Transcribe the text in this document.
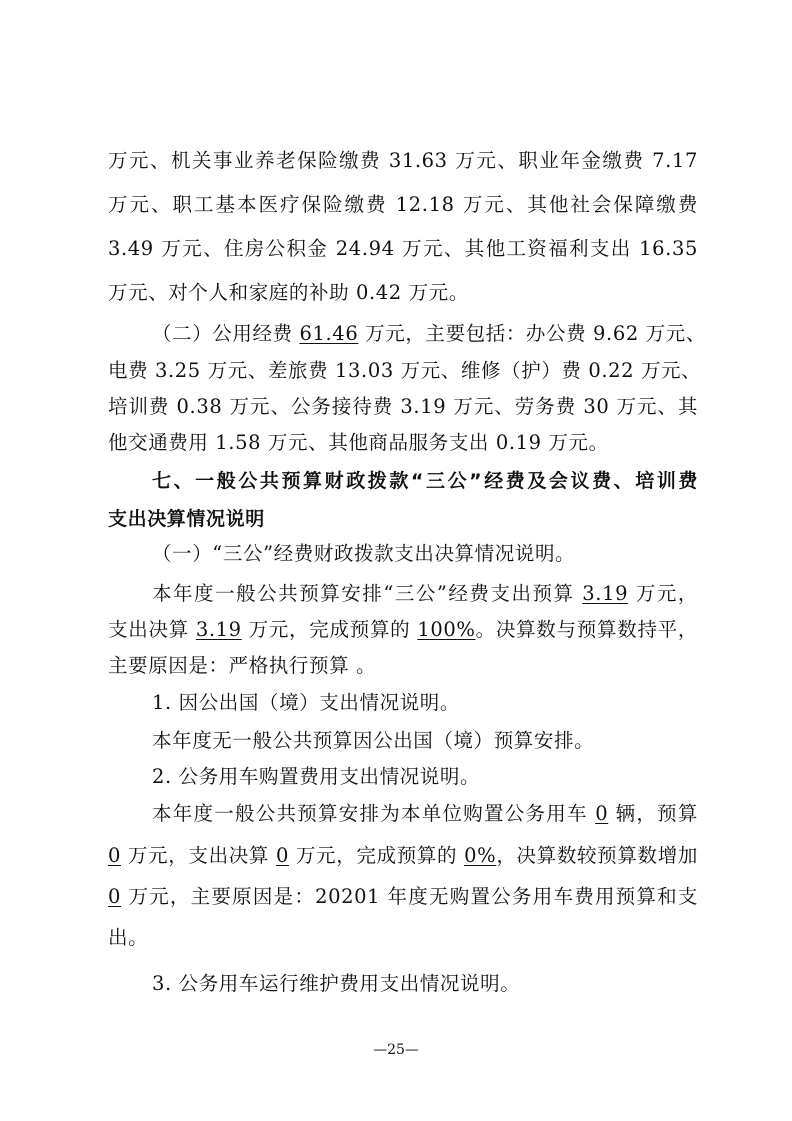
万元、机关事业养老保险缴费 31.63 万元、职业年金缴费 7.17
万元、职工基本医疗保险缴费 12.18 万元、其他社会保障缴费
3.49 万元、住房公积金 24.94 万元、其他工资福利支出 16.35
万元、对个人和家庭的补助 0.42 万元。
（二）公用经费 61.46 万元，主要包括：办公费 9.62 万元、
电费 3.25 万元、差旅费 13.03 万元、维修（护）费 0.22 万元、
培训费 0.38 万元、公务接待费 3.19 万元、劳务费 30 万元、其
他交通费用 1.58 万元、其他商品服务支出 0.19 万元。
七、一般公共预算财政拨款“三公”经费及会议费、培训费
支出决算情况说明
（一）“三公”经费财政拨款支出决算情况说明。
本年度一般公共预算安排“三公”经费支出预算 3.19 万元，
支出决算 3.19 万元，完成预算的 100%。决算数与预算数持平，
主要原因是：严格执行预算 。
1. 因公出国（境）支出情况说明。
本年度无一般公共预算因公出国（境）预算安排。
2. 公务用车购置费用支出情况说明。
本年度一般公共预算安排为本单位购置公务用车 0 辆，预算
0 万元，支出决算 0 万元，完成预算的 0%，决算数较预算数增加
0 万元，主要原因是：20201 年度无购置公务用车费用预算和支
出。
3. 公务用车运行维护费用支出情况说明。
—25—
